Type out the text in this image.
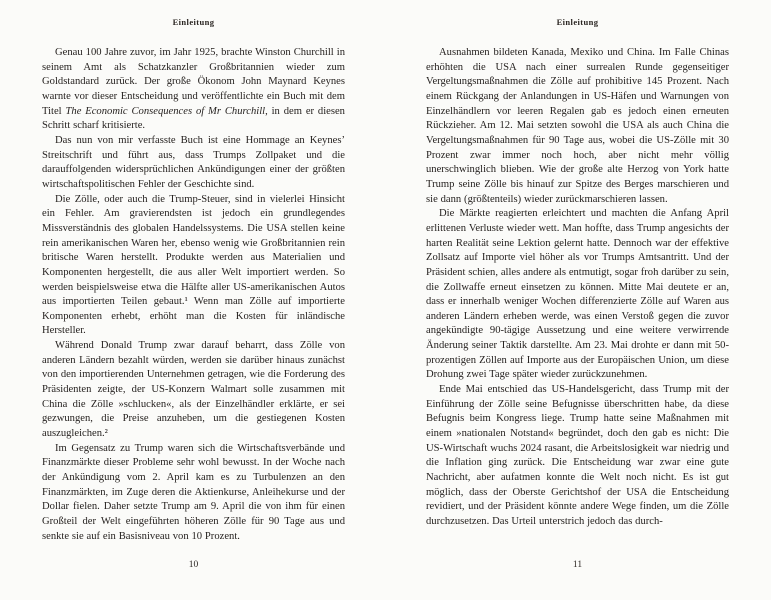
Einleitung

Genau 100 Jahre zuvor, im Jahr 1925, brachte Winston Churchill in seinem Amt als Schatzkanzler Großbritannien wieder zum Goldstandard zurück. Der große Ökonom John Maynard Keynes warnte vor dieser Entscheidung und veröffentlichte ein Buch mit dem Titel The Economic Consequences of Mr Churchill, in dem er diesen Schritt scharf kritisierte.

Das nun von mir verfasste Buch ist eine Hommage an Keynes’ Streitschrift und führt aus, dass Trumps Zollpaket und die darauffolgenden widersprüchlichen Ankündigungen einer der größten wirtschaftspolitischen Fehler der Geschichte sind.

Die Zölle, oder auch die Trump-Steuer, sind in vielerlei Hinsicht ein Fehler. Am gravierendsten ist jedoch ein grundlegendes Missverständnis des globalen Handelssystems. Die USA stellen keine rein amerikanischen Waren her, ebenso wenig wie Großbritannien rein britische Waren herstellt. Produkte werden aus Materialien und Komponenten hergestellt, die aus aller Welt importiert werden. So werden beispielsweise etwa die Hälfte aller US-amerikanischen Autos aus importierten Teilen gebaut.¹ Wenn man Zölle auf importierte Komponenten erhebt, erhöht man die Kosten für inländische Hersteller.

Während Donald Trump zwar darauf beharrt, dass Zölle von anderen Ländern bezahlt würden, werden sie darüber hinaus zunächst von den importierenden Unternehmen getragen, wie die Forderung des Präsidenten zeigte, der US-Konzern Walmart solle zusammen mit China die Zölle »schlucken«, als der Einzelhändler erklärte, er sei gezwungen, die Preise anzuheben, um die gestiegenen Kosten auszugleichen.²

Im Gegensatz zu Trump waren sich die Wirtschaftsverbände und Finanzmärkte dieser Probleme sehr wohl bewusst. In der Woche nach der Ankündigung vom 2. April kam es zu Turbulenzen an den Finanzmärkten, im Zuge deren die Aktienkurse, Anleihekurse und der Dollar fielen. Daher setzte Trump am 9. April die von ihm für einen Großteil der Welt eingeführten höheren Zölle für 90 Tage aus und senkte sie auf ein Basisniveau von 10 Prozent.

10
Einleitung

Ausnahmen bildeten Kanada, Mexiko und China. Im Falle Chinas erhöhten die USA nach einer surrealen Runde gegenseitiger Vergeltungsmaßnahmen die Zölle auf prohibitive 145 Prozent. Nach einem Rückgang der Anlandungen in US-Häfen und Warnungen von Einzelhändlern vor leeren Regalen gab es jedoch einen erneuten Rückzieher. Am 12. Mai setzten sowohl die USA als auch China die Vergeltungsmaßnahmen für 90 Tage aus, wobei die US-Zölle mit 30 Prozent zwar immer noch hoch, aber nicht mehr völlig unerschwinglich blieben. Wie der große alte Herzog von York hatte Trump seine Zölle bis hinauf zur Spitze des Berges marschieren und sie dann (größtenteils) wieder zurückmarschieren lassen.

Die Märkte reagierten erleichtert und machten die Anfang April erlittenen Verluste wieder wett. Man hoffte, dass Trump angesichts der harten Realität seine Lektion gelernt hatte. Dennoch war der effektive Zollsatz auf Importe viel höher als vor Trumps Amtsantritt. Und der Präsident schien, alles andere als entmutigt, sogar froh darüber zu sein, die Zollwaffe erneut einsetzen zu können. Mitte Mai deutete er an, dass er innerhalb weniger Wochen differenzierte Zölle auf Waren aus anderen Ländern erheben werde, was einen Verstoß gegen die zuvor angekündigte 90-tägige Aussetzung und eine weitere verwirrende Änderung seiner Taktik darstellte. Am 23. Mai drohte er dann mit 50-prozentigen Zöllen auf Importe aus der Europäischen Union, um diese Drohung zwei Tage später wieder zurückzunehmen.

Ende Mai entschied das US-Handelsgericht, dass Trump mit der Einführung der Zölle seine Befugnisse überschritten habe, da diese Befugnis beim Kongress liege. Trump hatte seine Maßnahmen mit einem »nationalen Notstand« begründet, doch den gab es nicht: Die US-Wirtschaft wuchs 2024 rasant, die Arbeitslosigkeit war niedrig und die Inflation ging zurück. Die Entscheidung war zwar eine gute Nachricht, aber aufatmen konnte die Welt noch nicht. Es ist gut möglich, dass der Oberste Gerichtshof der USA die Entscheidung revidiert, und der Präsident könnte andere Wege finden, um die Zölle durchzusetzen. Das Urteil unterstrich jedoch das durch-

11
